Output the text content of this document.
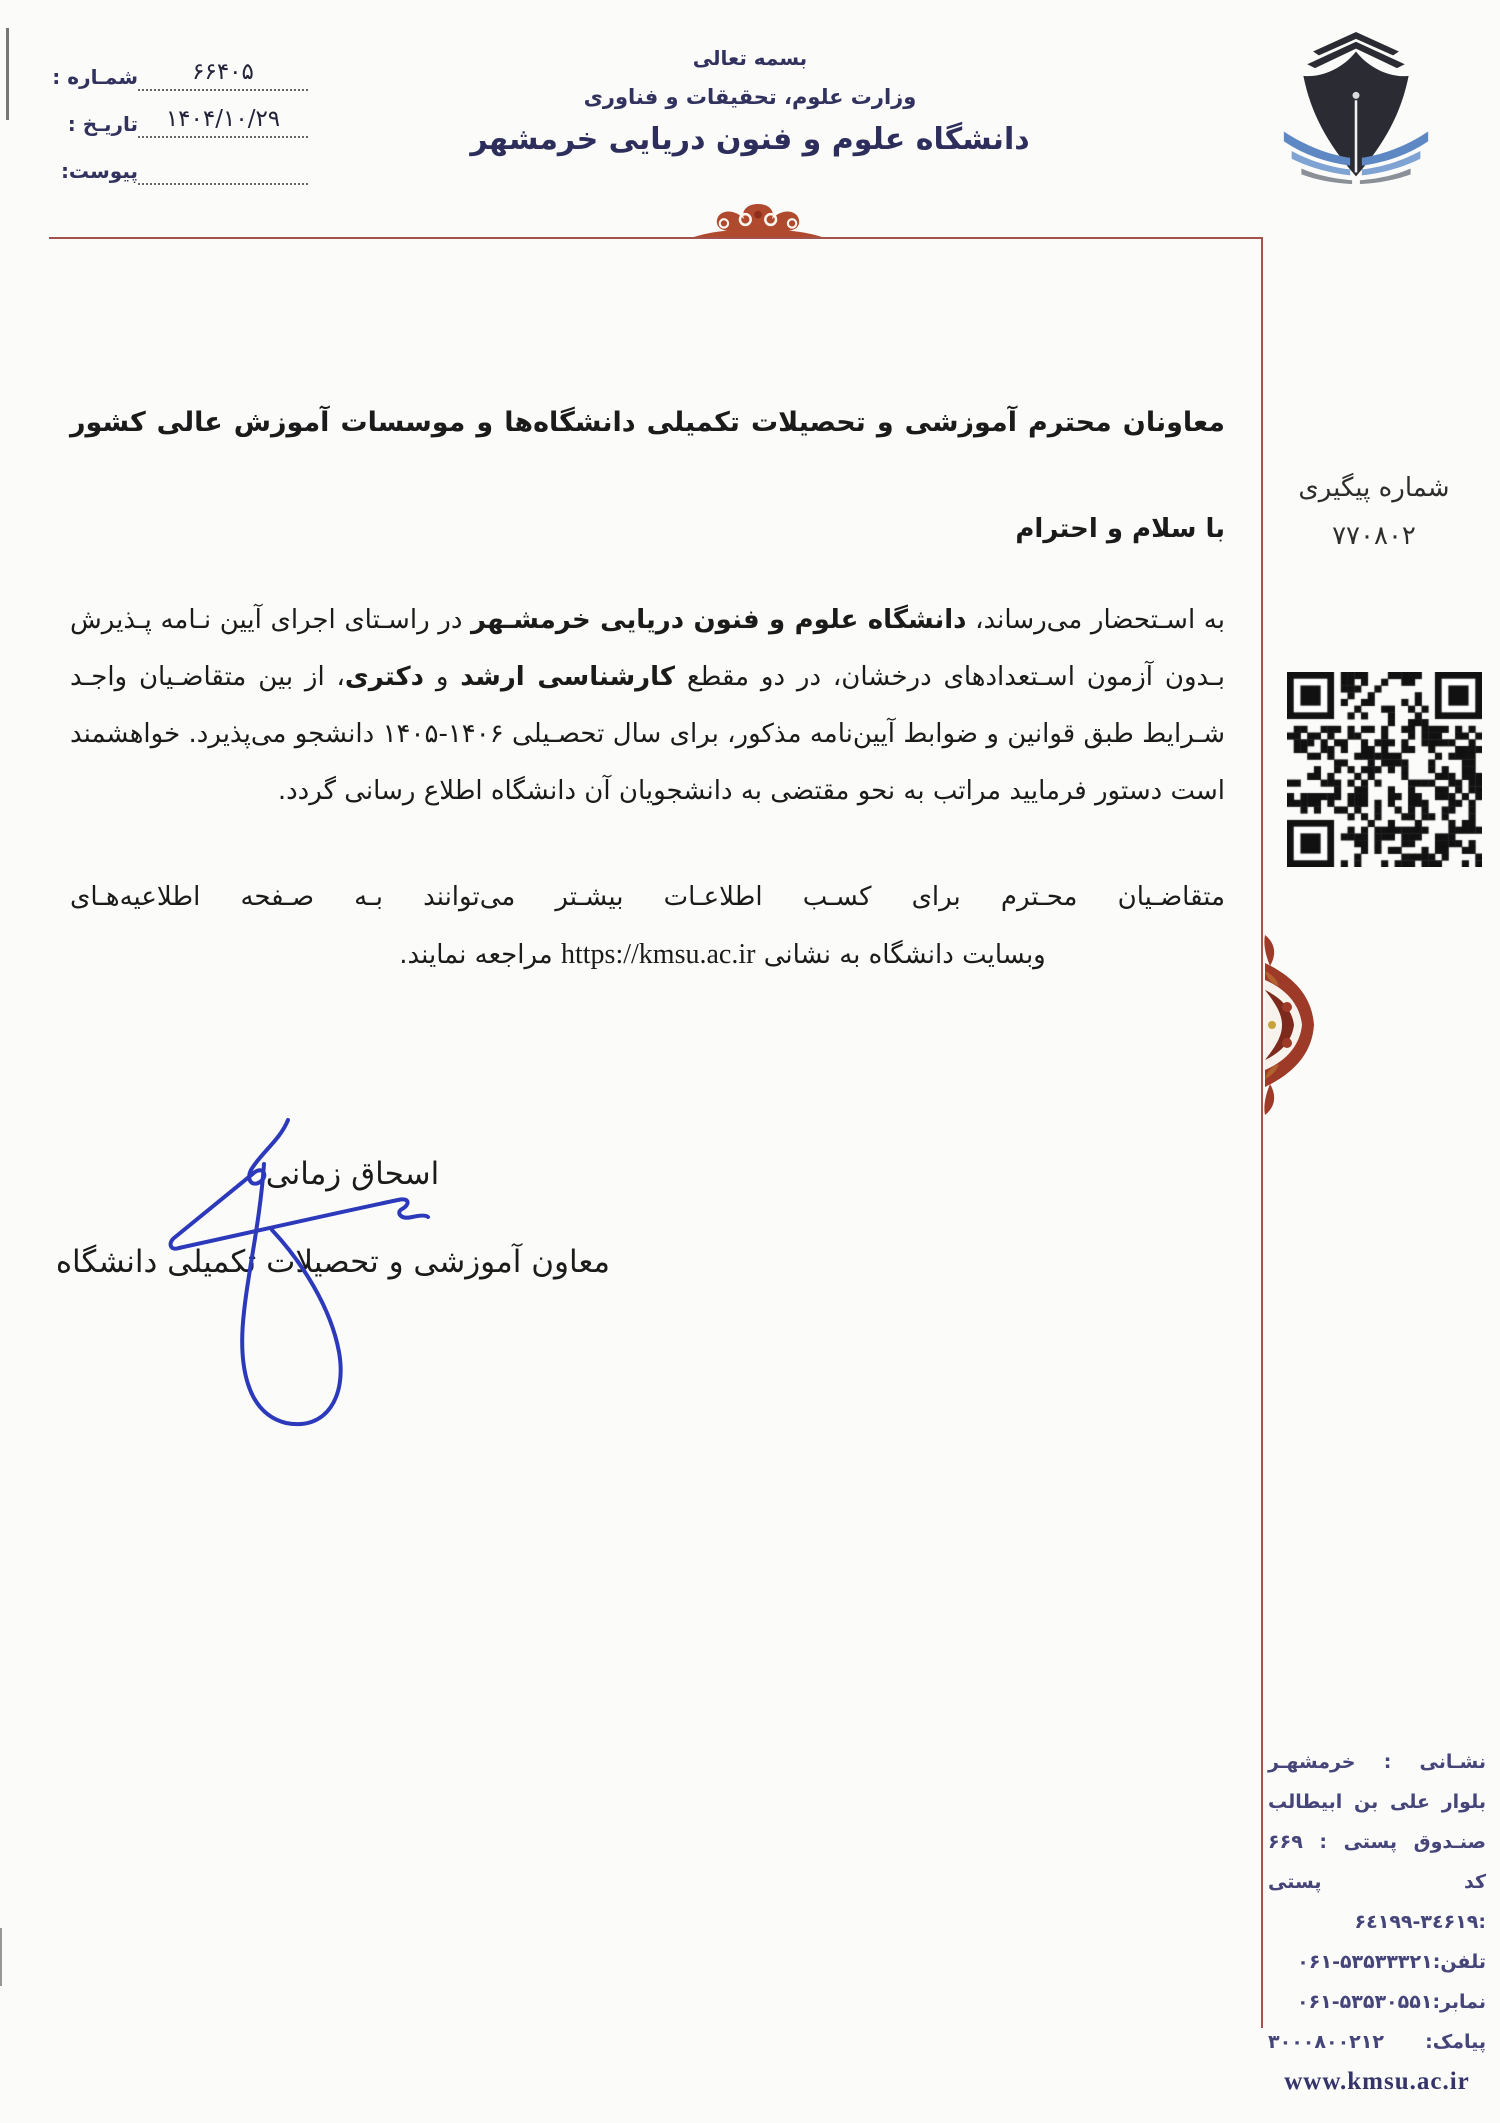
شمـاره :	۶۶۴۰۵
تاریـخ :	۱۴۰۴/۱۰/۲۹
پیوست:
بسمه تعالی
وزارت علوم، تحقیقات و فناوری
دانشگاه علوم و فنون دریایی خرمشهر
شماره پیگیری
۷۷۰۸۰۲
معاونان محترم آموزشی و تحصیلات تکمیلی دانشگاه‌ها و موسسات آموزش عالی کشور
با سلام و احترام
به اسـتحضار می‌رساند، دانشگاه علوم و فنون دریایی خرمشـهر در راسـتای اجرای آیین نـامه پـذیرش بـدون آزمون اسـتعدادهای درخشان، در دو مقطع کارشناسی ارشد و دکتری، از بین متقاضـیان واجـد شـرایط طبق قوانین و ضوابط آیین‌نامه مذکور، برای سال تحصـیلی ۱۴۰۶-۱۴۰۵ دانشجو می‌پذیرد. خواهشمند است دستور فرمایید مراتب به نحو مقتضی به دانشجویان آن دانشگاه اطلاع رسانی گردد.
متقاضـیان محـترم برای کسـب اطلاعـات بیشـتر می‌توانند بـه صـفحه اطلاعیه‌هـای
وبسایت دانشگاه به نشانی https://kmsu.ac.ir مراجعه نمایند.
اسحاق زمانی
معاون آموزشی و تحصیلات تکمیلی دانشگاه
نشـانی : خرمشهـر
بلوار علی بن ابیطالب
صنـدوق پستی : ۶۶۹
کد پستی :۳٤۶۱۹-۶٤۱۹۹
تلفن:۵۳۵۳۳۳۲۱-۰۶۱
نمابر:۵۳۵۳۰۵۵۱-۰۶۱
پیامک: ۳۰۰۰۸۰۰۲۱۲
www.kmsu.ac.ir
